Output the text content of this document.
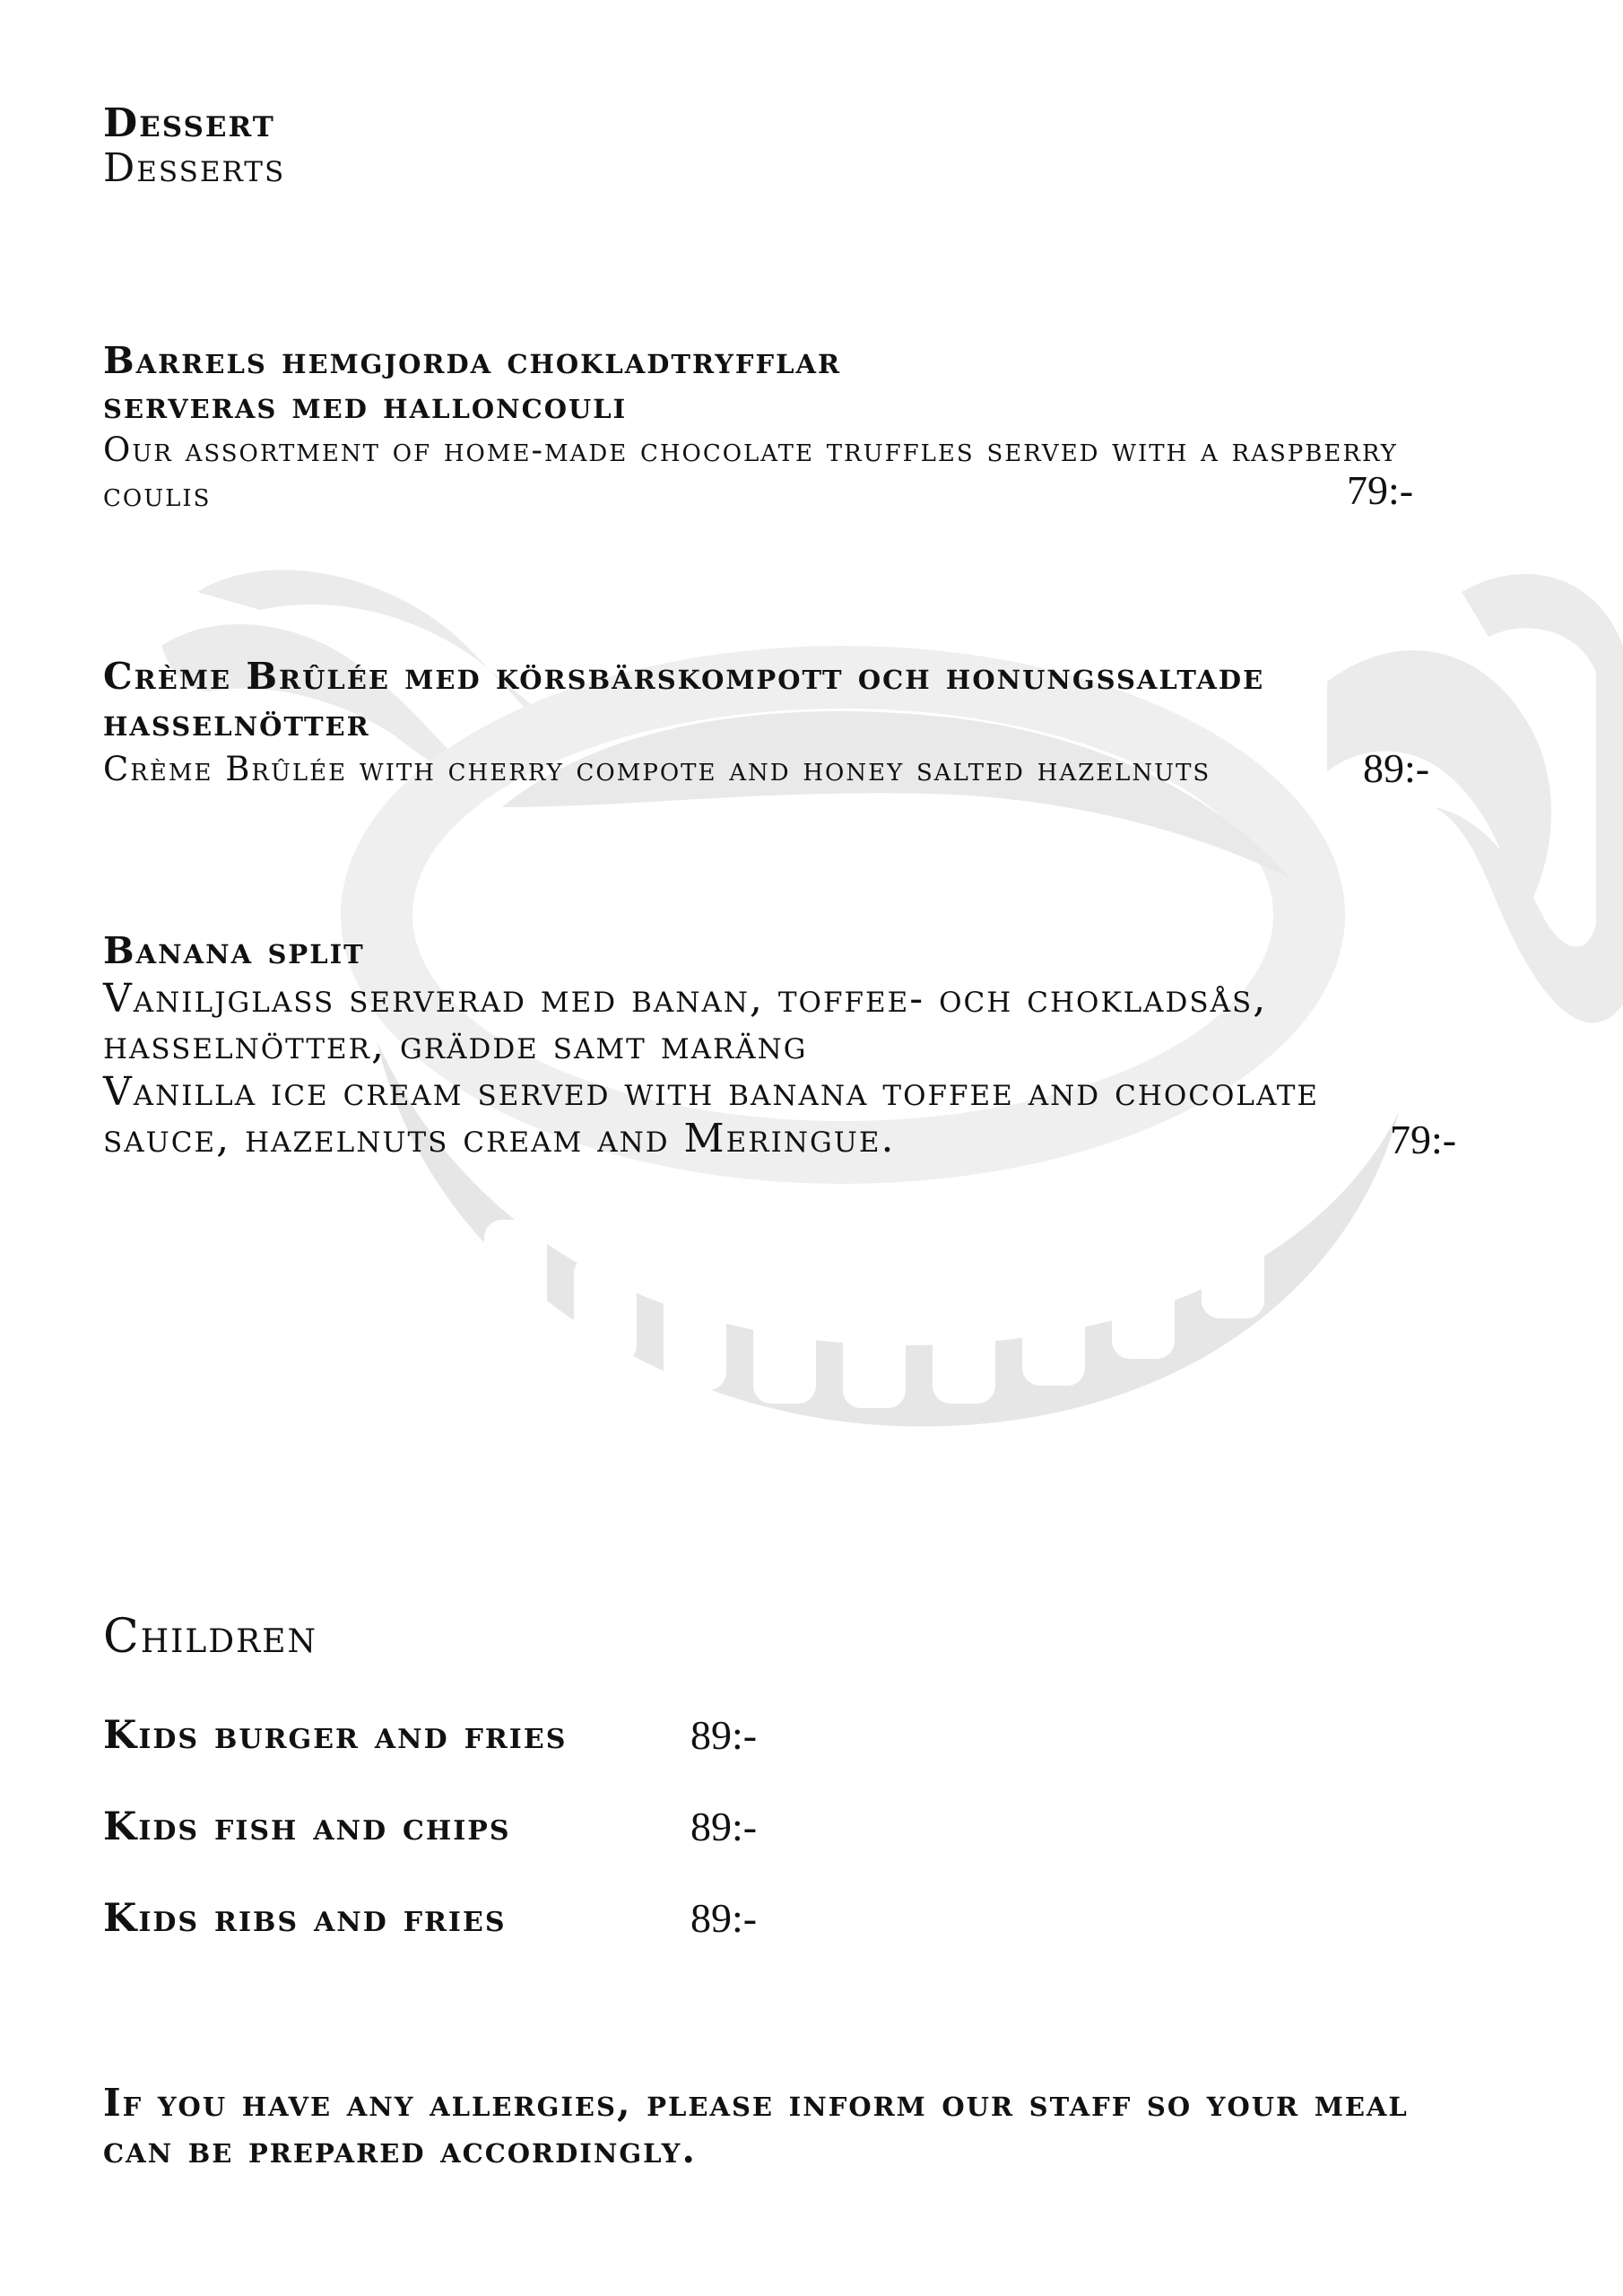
Dessert
Desserts
Barrels hemgjorda chokladtryfflar
serveras med halloncouli
Our assortment of home-made chocolate truffles served with a raspberry
coulis	79:-
Crème Brûlée med körsbärskompott och honungssaltade
hasselnötter
Crème Brûlée with cherry compote and honey salted hazelnuts	89:-
Banana split
Vaniljglass serverad med banan, toffee- och chokladsås,
hasselnötter, grädde samt maräng
Vanilla ice cream served with banana toffee and chocolate
sauce, hazelnuts cream and Meringue.	79:-
Children
Kids burger and fries	89:-
Kids fish and chips	89:-
Kids ribs and fries	89:-
If you have any allergies, please inform our staff so your meal
can be prepared accordingly.
